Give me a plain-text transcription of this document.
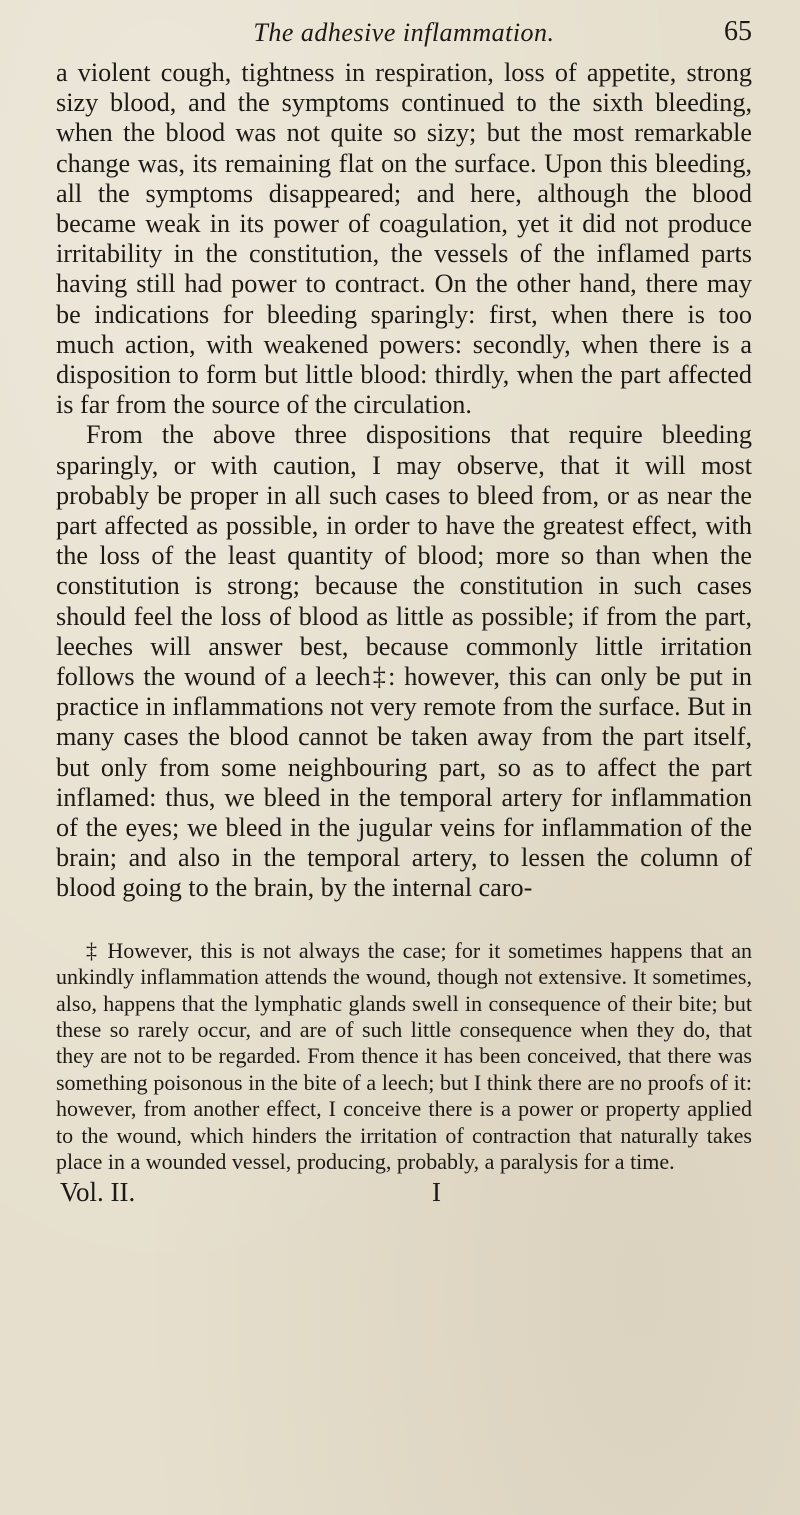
The adhesive inflammation.	65

a violent cough, tightness in respiration, loss of appetite, strong sizy blood, and the symptoms continued to the sixth bleeding, when the blood was not quite so sizy; but the most remarkable change was, its remaining flat on the surface. Upon this bleeding, all the symptoms disappeared; and here, although the blood became weak in its power of coagulation, yet it did not produce irritability in the constitution, the vessels of the inflamed parts having still had power to contract. On the other hand, there may be indications for bleeding sparingly: first, when there is too much action, with weakened powers: secondly, when there is a disposition to form but little blood: thirdly, when the part affected is far from the source of the circulation.

From the above three dispositions that require bleeding sparingly, or with caution, I may observe, that it will most probably be proper in all such cases to bleed from, or as near the part affected as possible, in order to have the greatest effect, with the loss of the least quantity of blood; more so than when the constitution is strong; because the constitution in such cases should feel the loss of blood as little as possible; if from the part, leeches will answer best, because commonly little irritation follows the wound of a leech‡: however, this can only be put in practice in inflammations not very remote from the surface. But in many cases the blood cannot be taken away from the part itself, but only from some neighbouring part, so as to affect the part inflamed: thus, we bleed in the temporal artery for inflammation of the eyes; we bleed in the jugular veins for inflammation of the brain; and also in the temporal artery, to lessen the column of blood going to the brain, by the internal caro-

‡ However, this is not always the case; for it sometimes happens that an unkindly inflammation attends the wound, though not extensive. It sometimes, also, happens that the lymphatic glands swell in consequence of their bite; but these so rarely occur, and are of such little consequence when they do, that they are not to be regarded. From thence it has been conceived, that there was something poisonous in the bite of a leech; but I think there are no proofs of it: however, from another effect, I conceive there is a power or property applied to the wound, which hinders the irritation of contraction that naturally takes place in a wounded vessel, producing, probably, a paralysis for a time.

Vol. II.	I
